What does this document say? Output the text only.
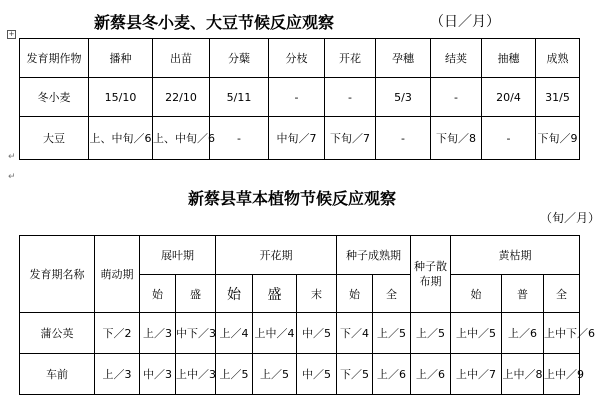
+
新蔡县冬小麦、大豆节候反应观察	（日／月）
发育期作物	播种	出苗	分蘖	分枝	开花	孕穗	结荚	抽穗	成熟
冬小麦	15/10	22/10	5/11	-	-	5/3	-	20/4	31/5
大豆	上、中旬／6	上、中旬／6	-	中旬／7	下旬／7	-	下旬／8	-	下旬／9
↵
↵
新蔡县草本植物节候反应观察
（旬／月）
发育期名称	萌动期	展叶期		开花期			种子成熟期		种子散布期	黄枯期		
		始	盛	始	盛	末	始	全		始	普	全
蒲公英	下／2	上／3	中下／3	上／4	上中／4	中／5	下／4	上／5	上／5	上中／5	上／6	上中下／6
车前	上／3	中／3	上中／3	上／5	上／5	中／5	下／5	上／6	上／6	上中／7	上中／8	上中／9
